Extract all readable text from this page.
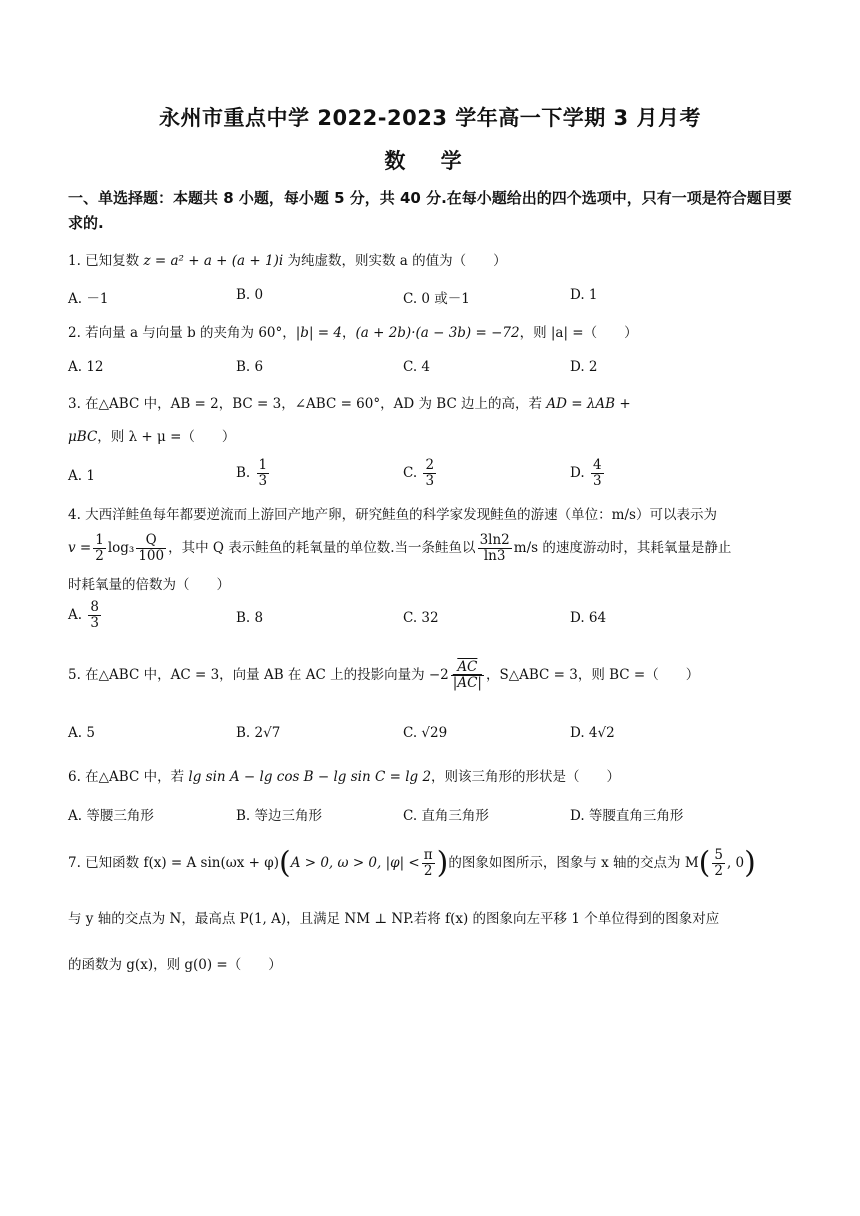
永州市重点中学 2022-2023 学年高一下学期 3 月月考
数 学
一、单选择题：本题共 8 小题，每小题 5 分，共 40 分.在每小题给出的四个选项中，只有一项是符合题目要求的.
1. 已知复数 z = a² + a + (a + 1)i 为纯虚数，则实数 a 的值为（　　）
A. －1	B. 0	C. 0 或－1	D. 1
2. 若向量 a 与向量 b 的夹角为 60°，|b| = 4，(a + 2b)·(a − 3b) = −72，则 |a| =（　　）
A. 12	B. 6	C. 4	D. 2
3. 在△ABC 中，AB = 2，BC = 3，∠ABC = 60°，AD 为 BC 边上的高，若 AD = λAB + μBC，则 λ + μ =（　　）
A. 1	B. $\frac{1}{3}$	C. $\frac{2}{3}$	D. $\frac{4}{3}$
4. 大西洋鲑鱼每年都要逆流而上游回产地产卵，研究鲑鱼的科学家发现鲑鱼的游速（单位：m/s）可以表示为
$v = \frac{1}{2} \log_3 \frac{Q}{100}$ ，其中 Q 表示鲑鱼的耗氧量的单位数.当一条鲑鱼以 $\frac{3\ln 2}{\ln 3} m/s$ 的速度游动时，其耗氧量是静止
时耗氧量的倍数为（　　）
A. $\frac{8}{3}$	B. 8	C. 32	D. 64
5. 在△ABC 中，AC = 3，向量 AB 在 AC 上的投影向量为 $-2 \frac{\overline{AC}}{|AC|}$ ，S△ABC = 3，则 BC =（　　）
A. 5	B. 2√7	C. √29	D. 4√2
6. 在△ABC 中，若 lg sin A − lg cos B − lg sin C = lg 2，则该三角形的形状是（　　）
A. 等腰三角形	B. 等边三角形	C. 直角三角形	D. 等腰直角三角形
7. 已知函数 f(x) = A sin(ωx + φ)(A > 0, ω > 0, $|\varphi| < \frac{\pi}{2}$ )的图象如图所示，图象与 x 轴的交点为 $M( \frac{5}{2}$ , 0)
与 y 轴的交点为 N，最高点 P(1, A)，且满足 NM ⊥ NP.若将 f(x) 的图象向左平移 1 个单位得到的图象对应
的函数为 g(x)，则 g(0) =（　　）
